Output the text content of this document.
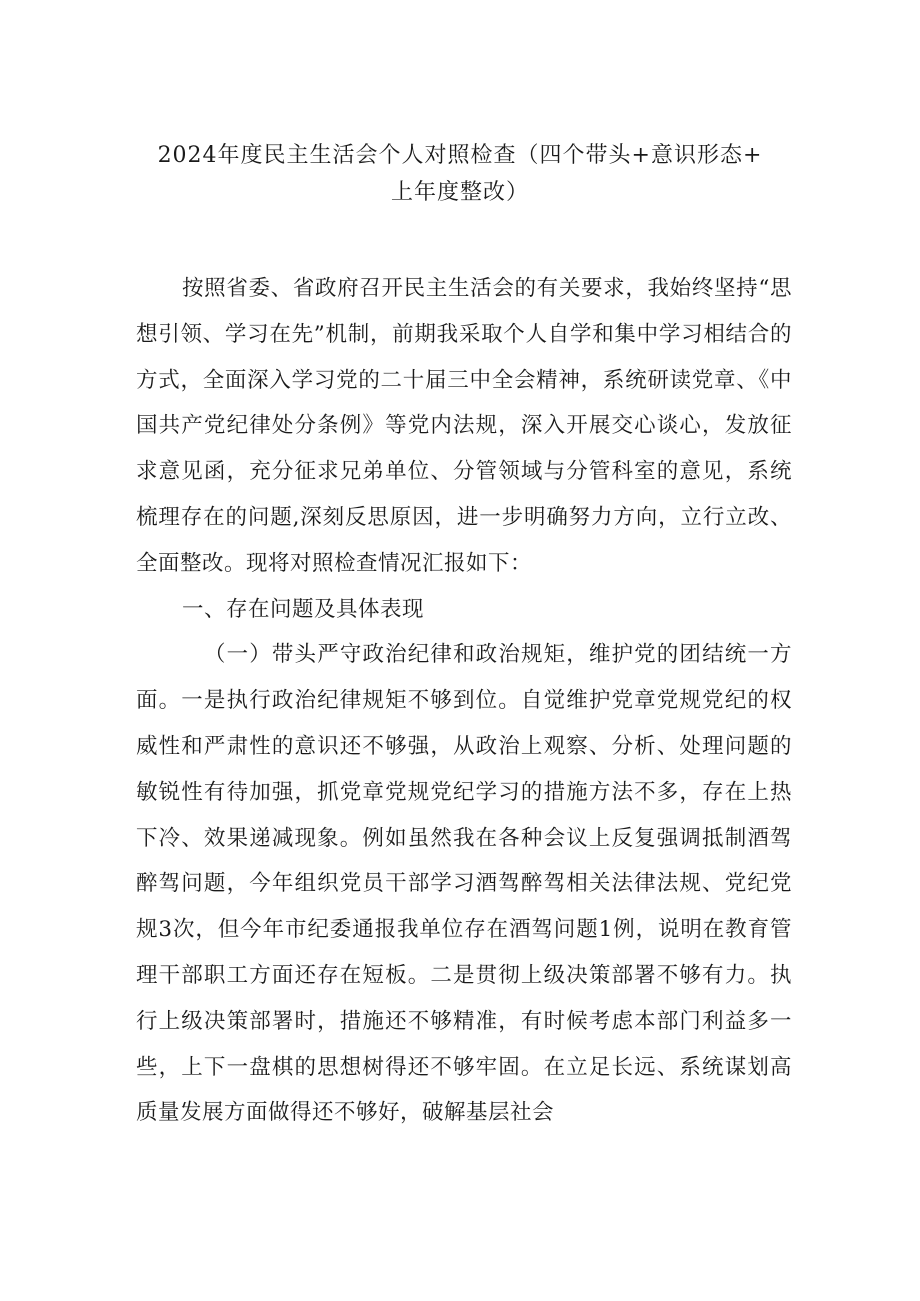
2024年度民主生活会个人对照检查（四个带头+意识形态+
上年度整改）

按照省委、省政府召开民主生活会的有关要求，我始终坚持“思想引领、学习在先”机制，前期我采取个人自学和集中学习相结合的方式，全面深入学习党的二十届三中全会精神，系统研读党章、《中国共产党纪律处分条例》等党内法规，深入开展交心谈心，发放征求意见函，充分征求兄弟单位、分管领域与分管科室的意见，系统梳理存在的问题,深刻反思原因，进一步明确努力方向，立行立改、全面整改。现将对照检查情况汇报如下：

一、存在问题及具体表现

（一）带头严守政治纪律和政治规矩，维护党的团结统一方面。一是执行政治纪律规矩不够到位。自觉维护党章党规党纪的权威性和严肃性的意识还不够强，从政治上观察、分析、处理问题的敏锐性有待加强，抓党章党规党纪学习的措施方法不多，存在上热下冷、效果递减现象。例如虽然我在各种会议上反复强调抵制酒驾醉驾问题，今年组织党员干部学习酒驾醉驾相关法律法规、党纪党规3次，但今年市纪委通报我单位存在酒驾问题1例，说明在教育管理干部职工方面还存在短板。二是贯彻上级决策部署不够有力。执行上级决策部署时，措施还不够精准，有时候考虑本部门利益多一些，上下一盘棋的思想树得还不够牢固。在立足长远、系统谋划高质量发展方面做得还不够好，破解基层社会
